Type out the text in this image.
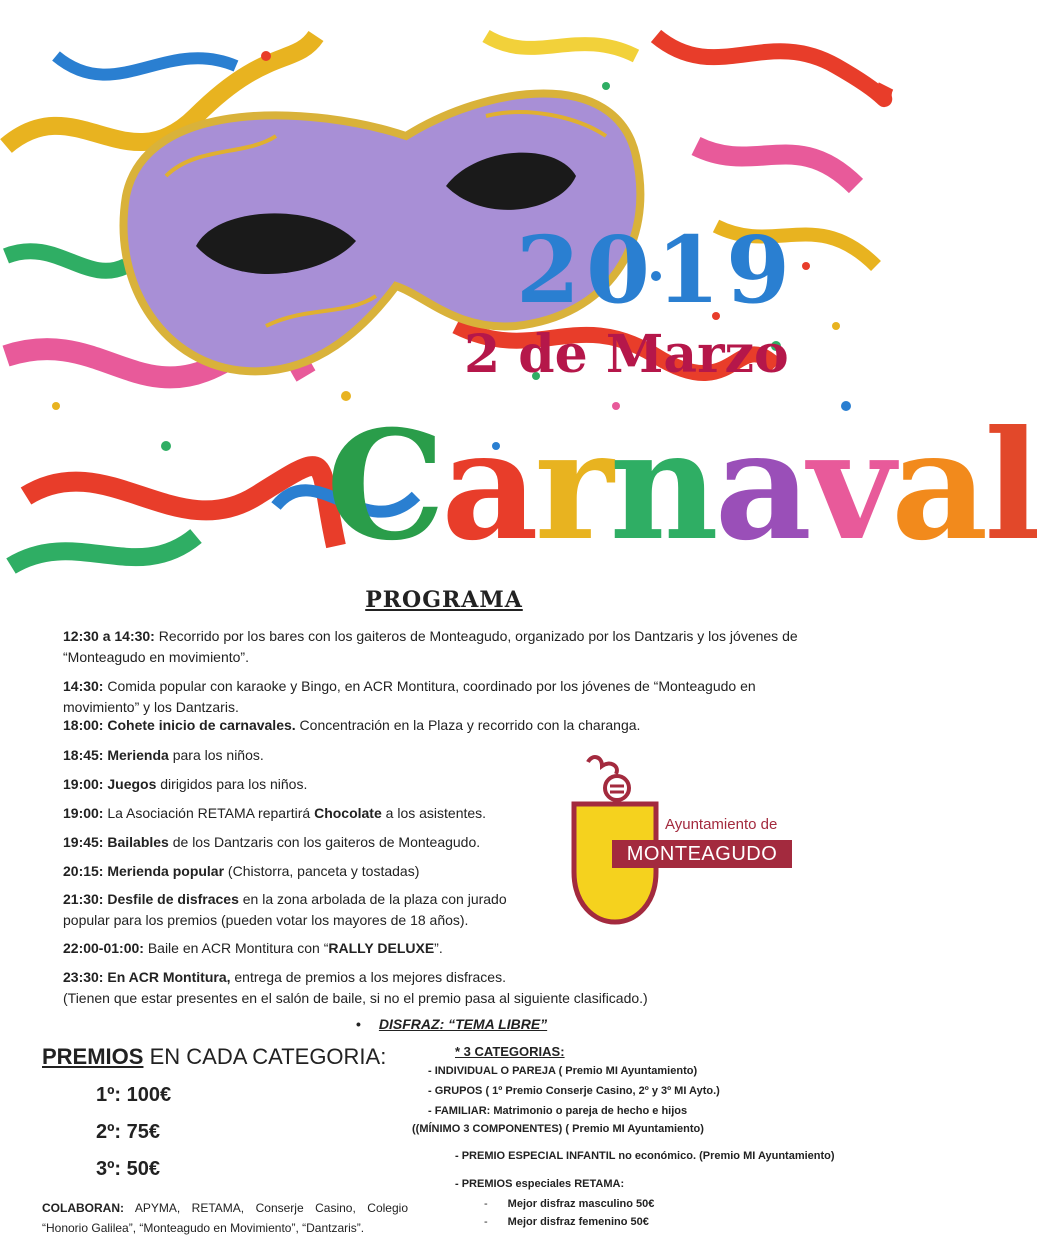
2019
2 de Marzo
Carnaval
PROGRAMA
12:30 a 14:30: Recorrido por los bares con los gaiteros de Monteagudo, organizado por los Dantzaris y los jóvenes de “Monteagudo en movimiento”.
14:30: Comida popular con karaoke y Bingo, en ACR Montitura, coordinado por los jóvenes de “Monteagudo en movimiento” y los Dantzaris.
18:00: Cohete inicio de carnavales. Concentración en la Plaza y recorrido con la charanga.
18:45: Merienda para los niños.
19:00: Juegos dirigidos para los niños.
19:00: La Asociación RETAMA repartirá Chocolate a los asistentes.
19:45: Bailables de los Dantzaris con los gaiteros de Monteagudo.
20:15: Merienda popular (Chistorra, panceta y tostadas)
21:30: Desfile de disfraces en la zona arbolada de la plaza con jurado popular para los premios (pueden votar los mayores de 18 años).
22:00-01:00: Baile en ACR Montitura con “RALLY DELUXE”.
23:30: En ACR Montitura, entrega de premios a los mejores disfraces.
(Tienen que estar presentes en el salón de baile, si no el premio pasa al siguiente clasificado.)
Ayuntamiento de
MONTEAGUDO
• DISFRAZ: “TEMA LIBRE”
PREMIOS EN CADA CATEGORIA:
1º: 100€
2º: 75€
3º: 50€
COLABORAN: APYMA, RETAMA, Conserje Casino, Colegio “Honorio Galilea”, “Monteagudo en Movimiento”, “Dantzaris”.
* 3 CATEGORIAS:
- INDIVIDUAL O PAREJA ( Premio MI Ayuntamiento)
- GRUPOS ( 1º Premio Conserje Casino, 2º y 3º MI Ayto.)
- FAMILIAR: Matrimonio o pareja de hecho e hijos
((MÍNIMO 3 COMPONENTES) ( Premio MI Ayuntamiento)
- PREMIO ESPECIAL INFANTIL no económico. (Premio MI Ayuntamiento)
- PREMIOS especiales RETAMA:
- Mejor disfraz masculino 50€
- Mejor disfraz femenino 50€
